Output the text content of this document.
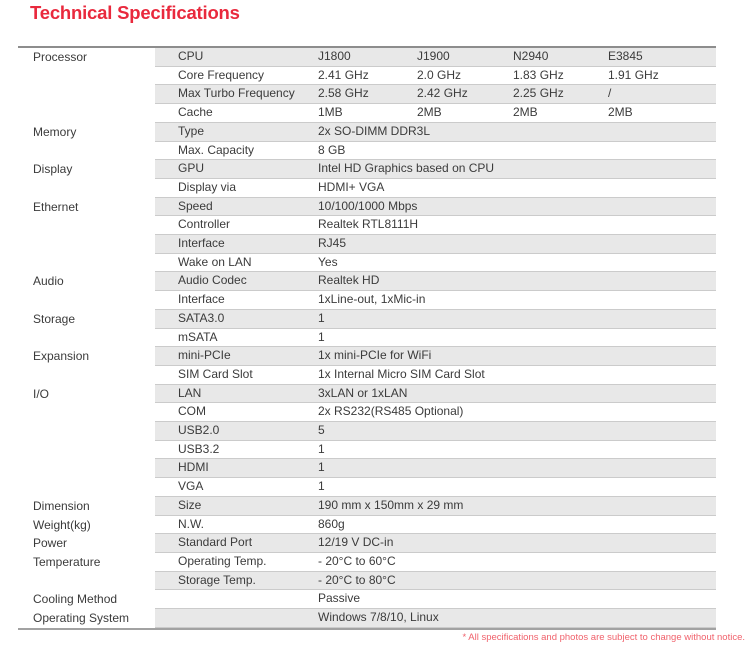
Technical Specifications
Processor	CPU	J1800	J1900	N2940	E3845
Core Frequency	2.41 GHz	2.0 GHz	1.83 GHz	1.91 GHz
Max Turbo Frequency	2.58 GHz	2.42 GHz	2.25 GHz	/
Cache	1MB	2MB	2MB	2MB
Memory	Type	2x SO-DIMM DDR3L
Max. Capacity	8 GB
Display	GPU	Intel HD Graphics based on CPU
Display via	HDMI+ VGA
Ethernet	Speed	10/100/1000 Mbps
Controller	Realtek RTL8111H
Interface	RJ45
Wake on LAN	Yes
Audio	Audio Codec	Realtek HD
Interface	1xLine-out, 1xMic-in
Storage	SATA3.0	1
mSATA	1
Expansion	mini-PCIe	1x mini-PCIe for WiFi
SIM Card Slot	1x Internal Micro SIM Card Slot
I/O	LAN	3xLAN or 1xLAN
COM	2x RS232(RS485 Optional)
USB2.0	5
USB3.2	1
HDMI	1
VGA	1
Dimension	Size	190 mm x 150mm x 29 mm
Weight(kg)	N.W.	860g
Power	Standard Port	12/19 V DC-in
Temperature	Operating Temp.	- 20°C to 60°C
Storage Temp.	- 20°C to 80°C
Cooling Method	Passive
Operating System	Windows 7/8/10, Linux
* All specifications and photos are subject to change without notice.
